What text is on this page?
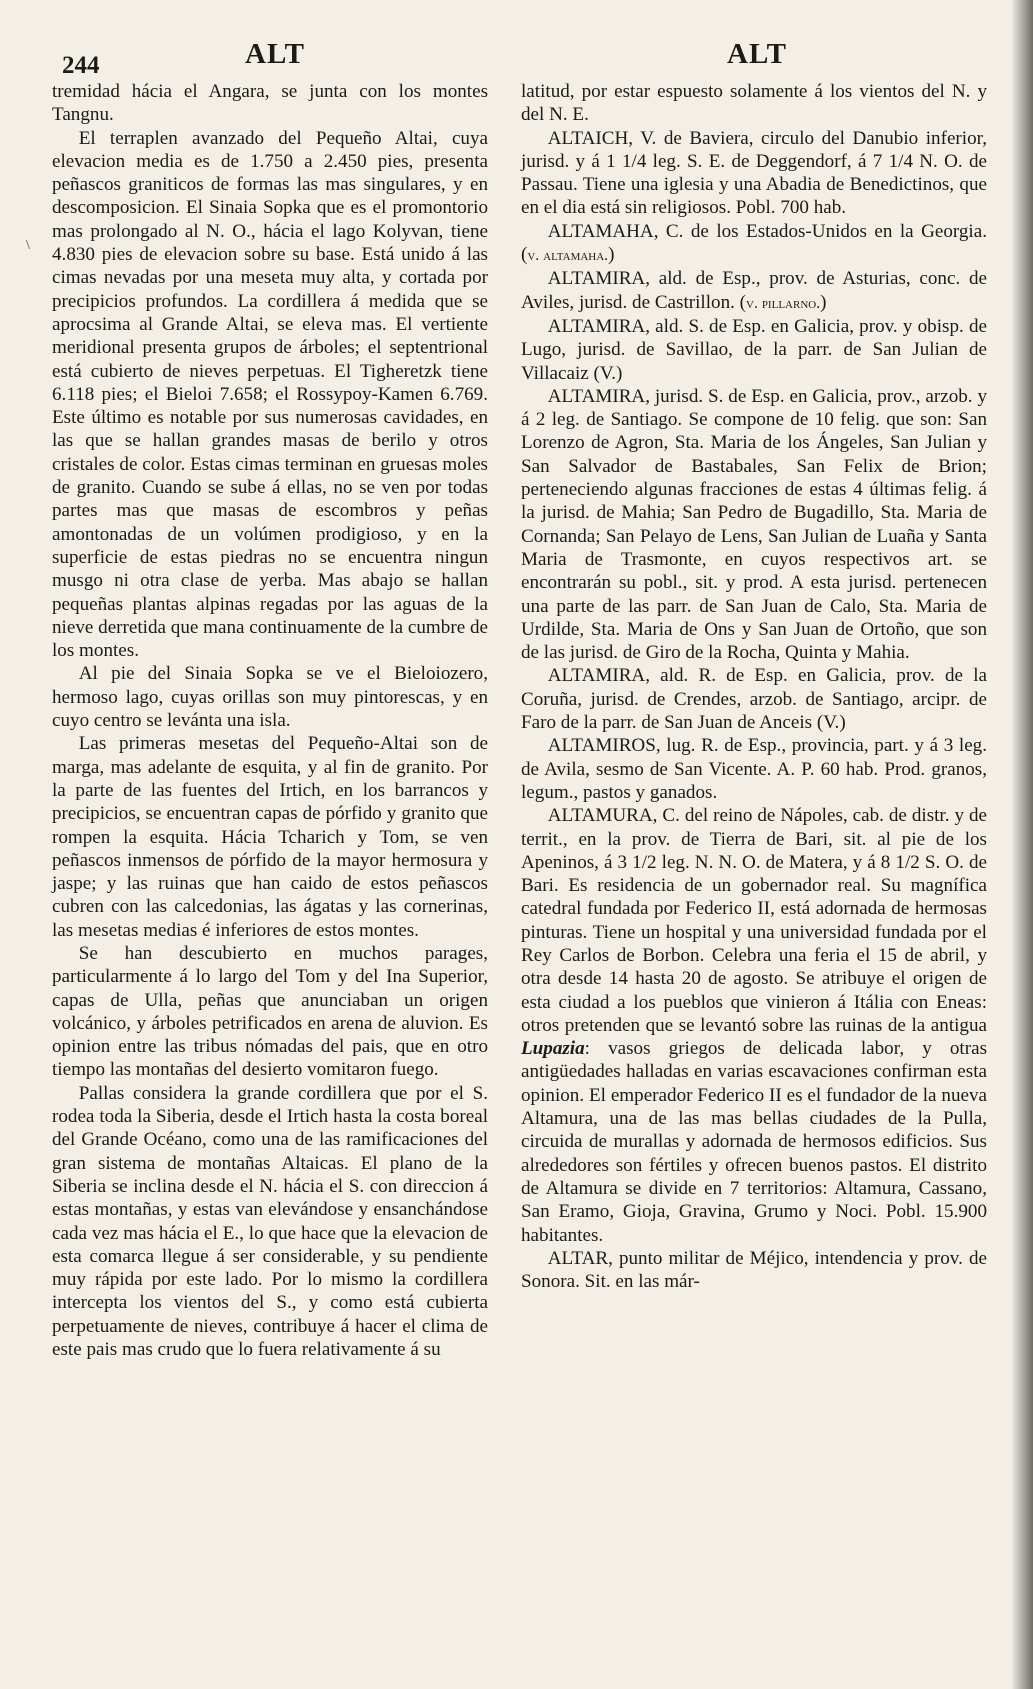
\
244	ALT	ALT

tremidad hácia el Angara, se junta con los montes Tangnu.

El terraplen avanzado del Pequeño Altai, cuya elevacion media es de 1.750 a 2.450 pies, presenta peñascos graniticos de formas las mas singulares, y en descomposicion. El Sinaia Sopka que es el promontorio mas prolongado al N. O., hácia el lago Kolyvan, tiene 4.830 pies de elevacion sobre su base. Está unido á las cimas nevadas por una meseta muy alta, y cortada por precipicios profundos. La cordillera á medida que se aprocsima al Grande Altai, se eleva mas. El vertiente meridional presenta grupos de árboles; el septentrional está cubierto de nieves perpetuas. El Tigheretzk tiene 6.118 pies; el Bieloi 7.658; el Rossypoy-Kamen 6.769. Este último es notable por sus numerosas cavidades, en las que se hallan grandes masas de berilo y otros cristales de color. Estas cimas terminan en gruesas moles de granito. Cuando se sube á ellas, no se ven por todas partes mas que masas de escombros y peñas amontonadas de un volúmen prodigioso, y en la superficie de estas piedras no se encuentra ningun musgo ni otra clase de yerba. Mas abajo se hallan pequeñas plantas alpinas regadas por las aguas de la nieve derretida que mana continuamente de la cumbre de los montes.

Al pie del Sinaia Sopka se ve el Bieloiozero, hermoso lago, cuyas orillas son muy pintorescas, y en cuyo centro se levánta una isla.

Las primeras mesetas del Pequeño-Altai son de marga, mas adelante de esquita, y al fin de granito. Por la parte de las fuentes del Irtich, en los barrancos y precipicios, se encuentran capas de pórfido y granito que rompen la esquita. Hácia Tcharich y Tom, se ven peñascos inmensos de pórfido de la mayor hermosura y jaspe; y las ruinas que han caido de estos peñascos cubren con las calcedonias, las ágatas y las cornerinas, las mesetas medias é inferiores de estos montes.

Se han descubierto en muchos parages, particularmente á lo largo del Tom y del Ina Superior, capas de Ulla, peñas que anunciaban un origen volcánico, y árboles petrificados en arena de aluvion. Es opinion entre las tribus nómadas del pais, que en otro tiempo las montañas del desierto vomitaron fuego.

Pallas considera la grande cordillera que por el S. rodea toda la Siberia, desde el Irtich hasta la costa boreal del Grande Océano, como una de las ramificaciones del gran sistema de montañas Altaicas. El plano de la Siberia se inclina desde el N. hácia el S. con direccion á estas montañas, y estas van elevándose y ensanchándose cada vez mas hácia el E., lo que hace que la elevacion de esta comarca llegue á ser considerable, y su pendiente muy rápida por este lado. Por lo mismo la cordillera intercepta los vientos del S., y como está cubierta perpetuamente de nieves, contribuye á hacer el clima de este pais mas crudo que lo fuera relativamente á su

latitud, por estar espuesto solamente á los vientos del N. y del N. E.

ALTAICH, V. de Baviera, circulo del Danubio inferior, jurisd. y á 1 1/4 leg. S. E. de Deggendorf, á 7 1/4 N. O. de Passau. Tiene una iglesia y una Abadia de Benedictinos, que en el dia está sin religiosos. Pobl. 700 hab.

ALTAMAHA, C. de los Estados-Unidos en la Georgia. (v. altamaha.)

ALTAMIRA, ald. de Esp., prov. de Asturias, conc. de Aviles, jurisd. de Castrillon. (v. pillarno.)

ALTAMIRA, ald. S. de Esp. en Galicia, prov. y obisp. de Lugo, jurisd. de Savillao, de la parr. de San Julian de Villacaiz (V.)

ALTAMIRA, jurisd. S. de Esp. en Galicia, prov., arzob. y á 2 leg. de Santiago. Se compone de 10 felig. que son: San Lorenzo de Agron, Sta. Maria de los Ángeles, San Julian y San Salvador de Bastabales, San Felix de Brion; perteneciendo algunas fracciones de estas 4 últimas felig. á la jurisd. de Mahia; San Pedro de Bugadillo, Sta. Maria de Cornanda; San Pelayo de Lens, San Julian de Luaña y Santa Maria de Trasmonte, en cuyos respectivos art. se encontrarán su pobl., sit. y prod. A esta jurisd. pertenecen una parte de las parr. de San Juan de Calo, Sta. Maria de Urdilde, Sta. Maria de Ons y San Juan de Ortoño, que son de las jurisd. de Giro de la Rocha, Quinta y Mahia.

ALTAMIRA, ald. R. de Esp. en Galicia, prov. de la Coruña, jurisd. de Crendes, arzob. de Santiago, arcipr. de Faro de la parr. de San Juan de Anceis (V.)

ALTAMIROS, lug. R. de Esp., provincia, part. y á 3 leg. de Avila, sesmo de San Vicente. A. P. 60 hab. Prod. granos, legum., pastos y ganados.

ALTAMURA, C. del reino de Nápoles, cab. de distr. y de territ., en la prov. de Tierra de Bari, sit. al pie de los Apeninos, á 3 1/2 leg. N. N. O. de Matera, y á 8 1/2 S. O. de Bari. Es residencia de un gobernador real. Su magnífica catedral fundada por Federico II, está adornada de hermosas pinturas. Tiene un hospital y una universidad fundada por el Rey Carlos de Borbon. Celebra una feria el 15 de abril, y otra desde 14 hasta 20 de agosto. Se atribuye el origen de esta ciudad a los pueblos que vinieron á Itália con Eneas: otros pretenden que se levantó sobre las ruinas de la antigua Lupazia: vasos griegos de delicada labor, y otras antigüedades halladas en varias escavaciones confirman esta opinion. El emperador Federico II es el fundador de la nueva Altamura, una de las mas bellas ciudades de la Pulla, circuida de murallas y adornada de hermosos edificios. Sus alrededores son fértiles y ofrecen buenos pastos. El distrito de Altamura se divide en 7 territorios: Altamura, Cassano, San Eramo, Gioja, Gravina, Grumo y Noci. Pobl. 15.900 habitantes.

ALTAR, punto militar de Méjico, intendencia y prov. de Sonora. Sit. en las már-
